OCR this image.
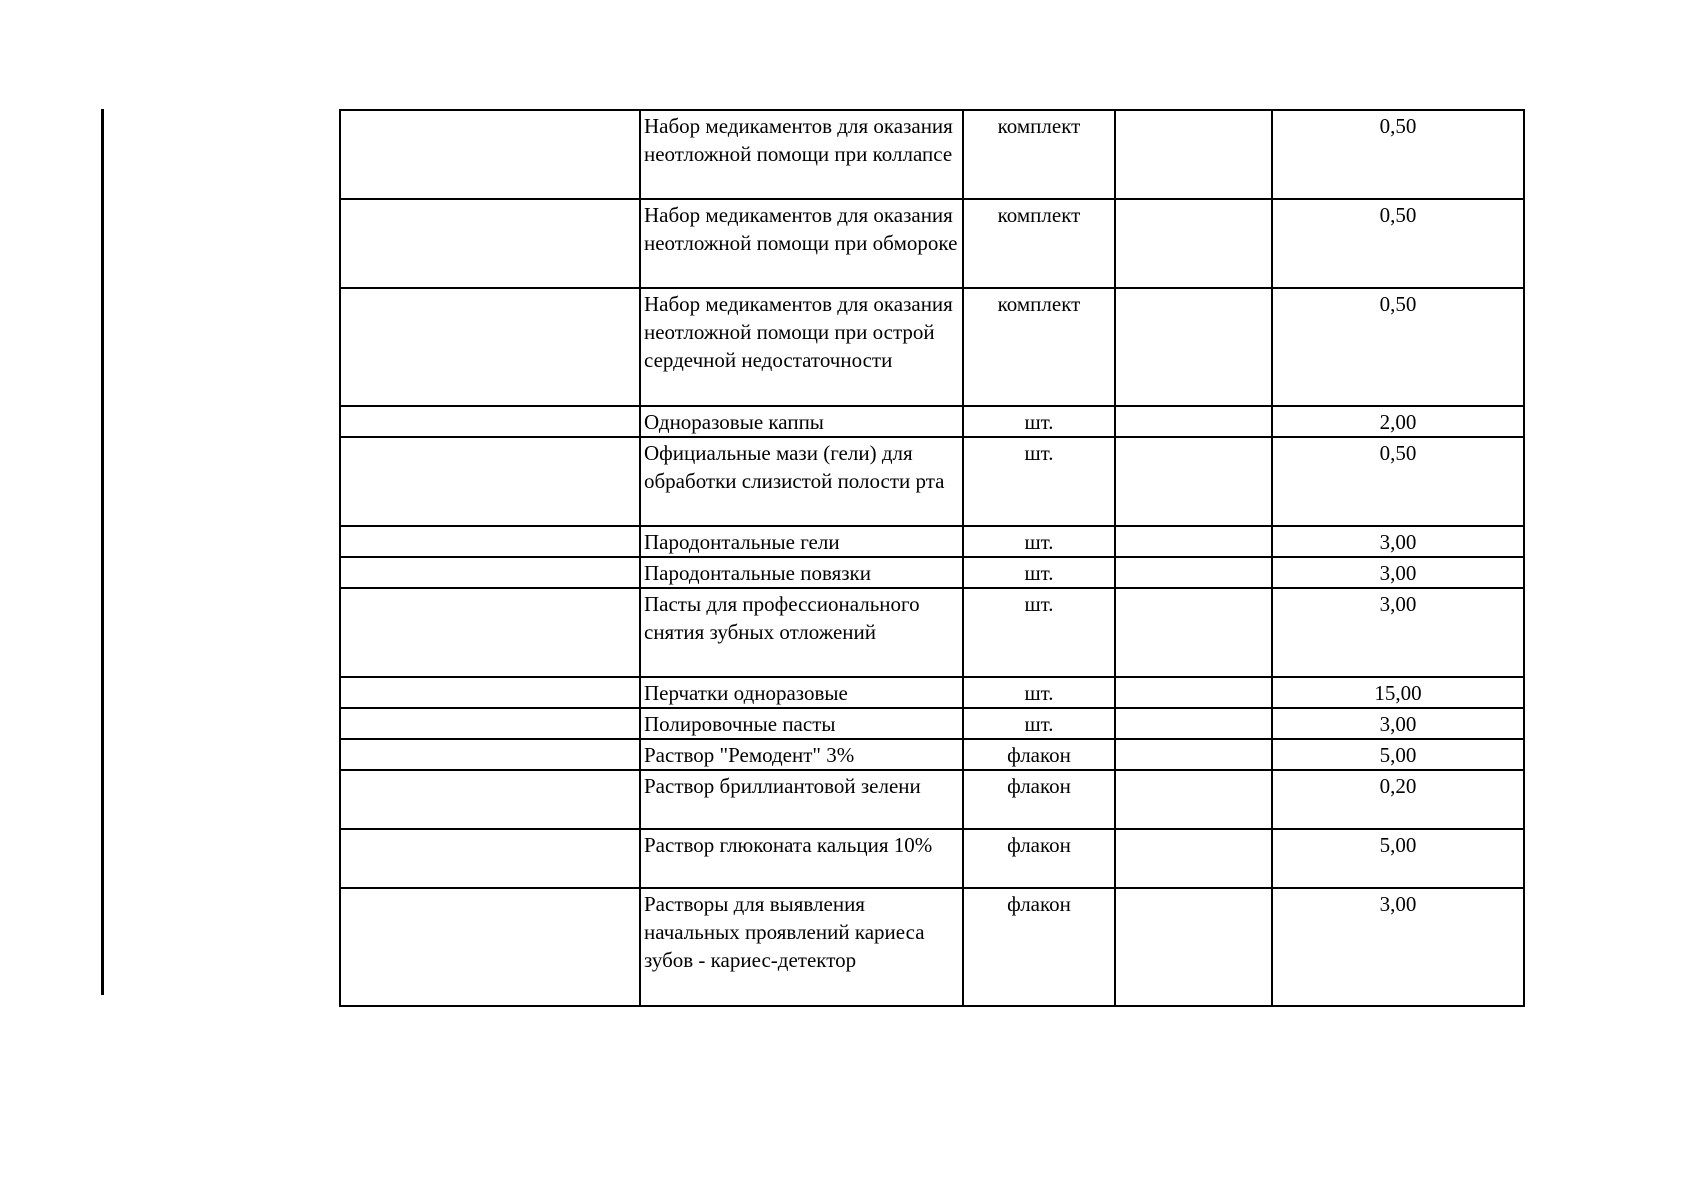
	Набор медикаментов для оказания неотложной помощи при коллапсе	комплект		0,50
	Набор медикаментов для оказания неотложной помощи при обмороке	комплект		0,50
	Набор медикаментов для оказания неотложной помощи при острой сердечной недостаточности	комплект		0,50
	Одноразовые каппы	шт.		2,00
	Официальные мази (гели) для обработки слизистой полости рта	шт.		0,50
	Пародонтальные гели	шт.		3,00
	Пародонтальные повязки	шт.		3,00
	Пасты для профессионального снятия зубных отложений	шт.		3,00
	Перчатки одноразовые	шт.		15,00
	Полировочные пасты	шт.		3,00
	Раствор "Ремодент" 3%	флакон		5,00
	Раствор бриллиантовой зелени	флакон		0,20
	Раствор глюконата кальция 10%	флакон		5,00
	Растворы для выявления начальных проявлений кариеса зубов - кариес-детектор	флакон		3,00
